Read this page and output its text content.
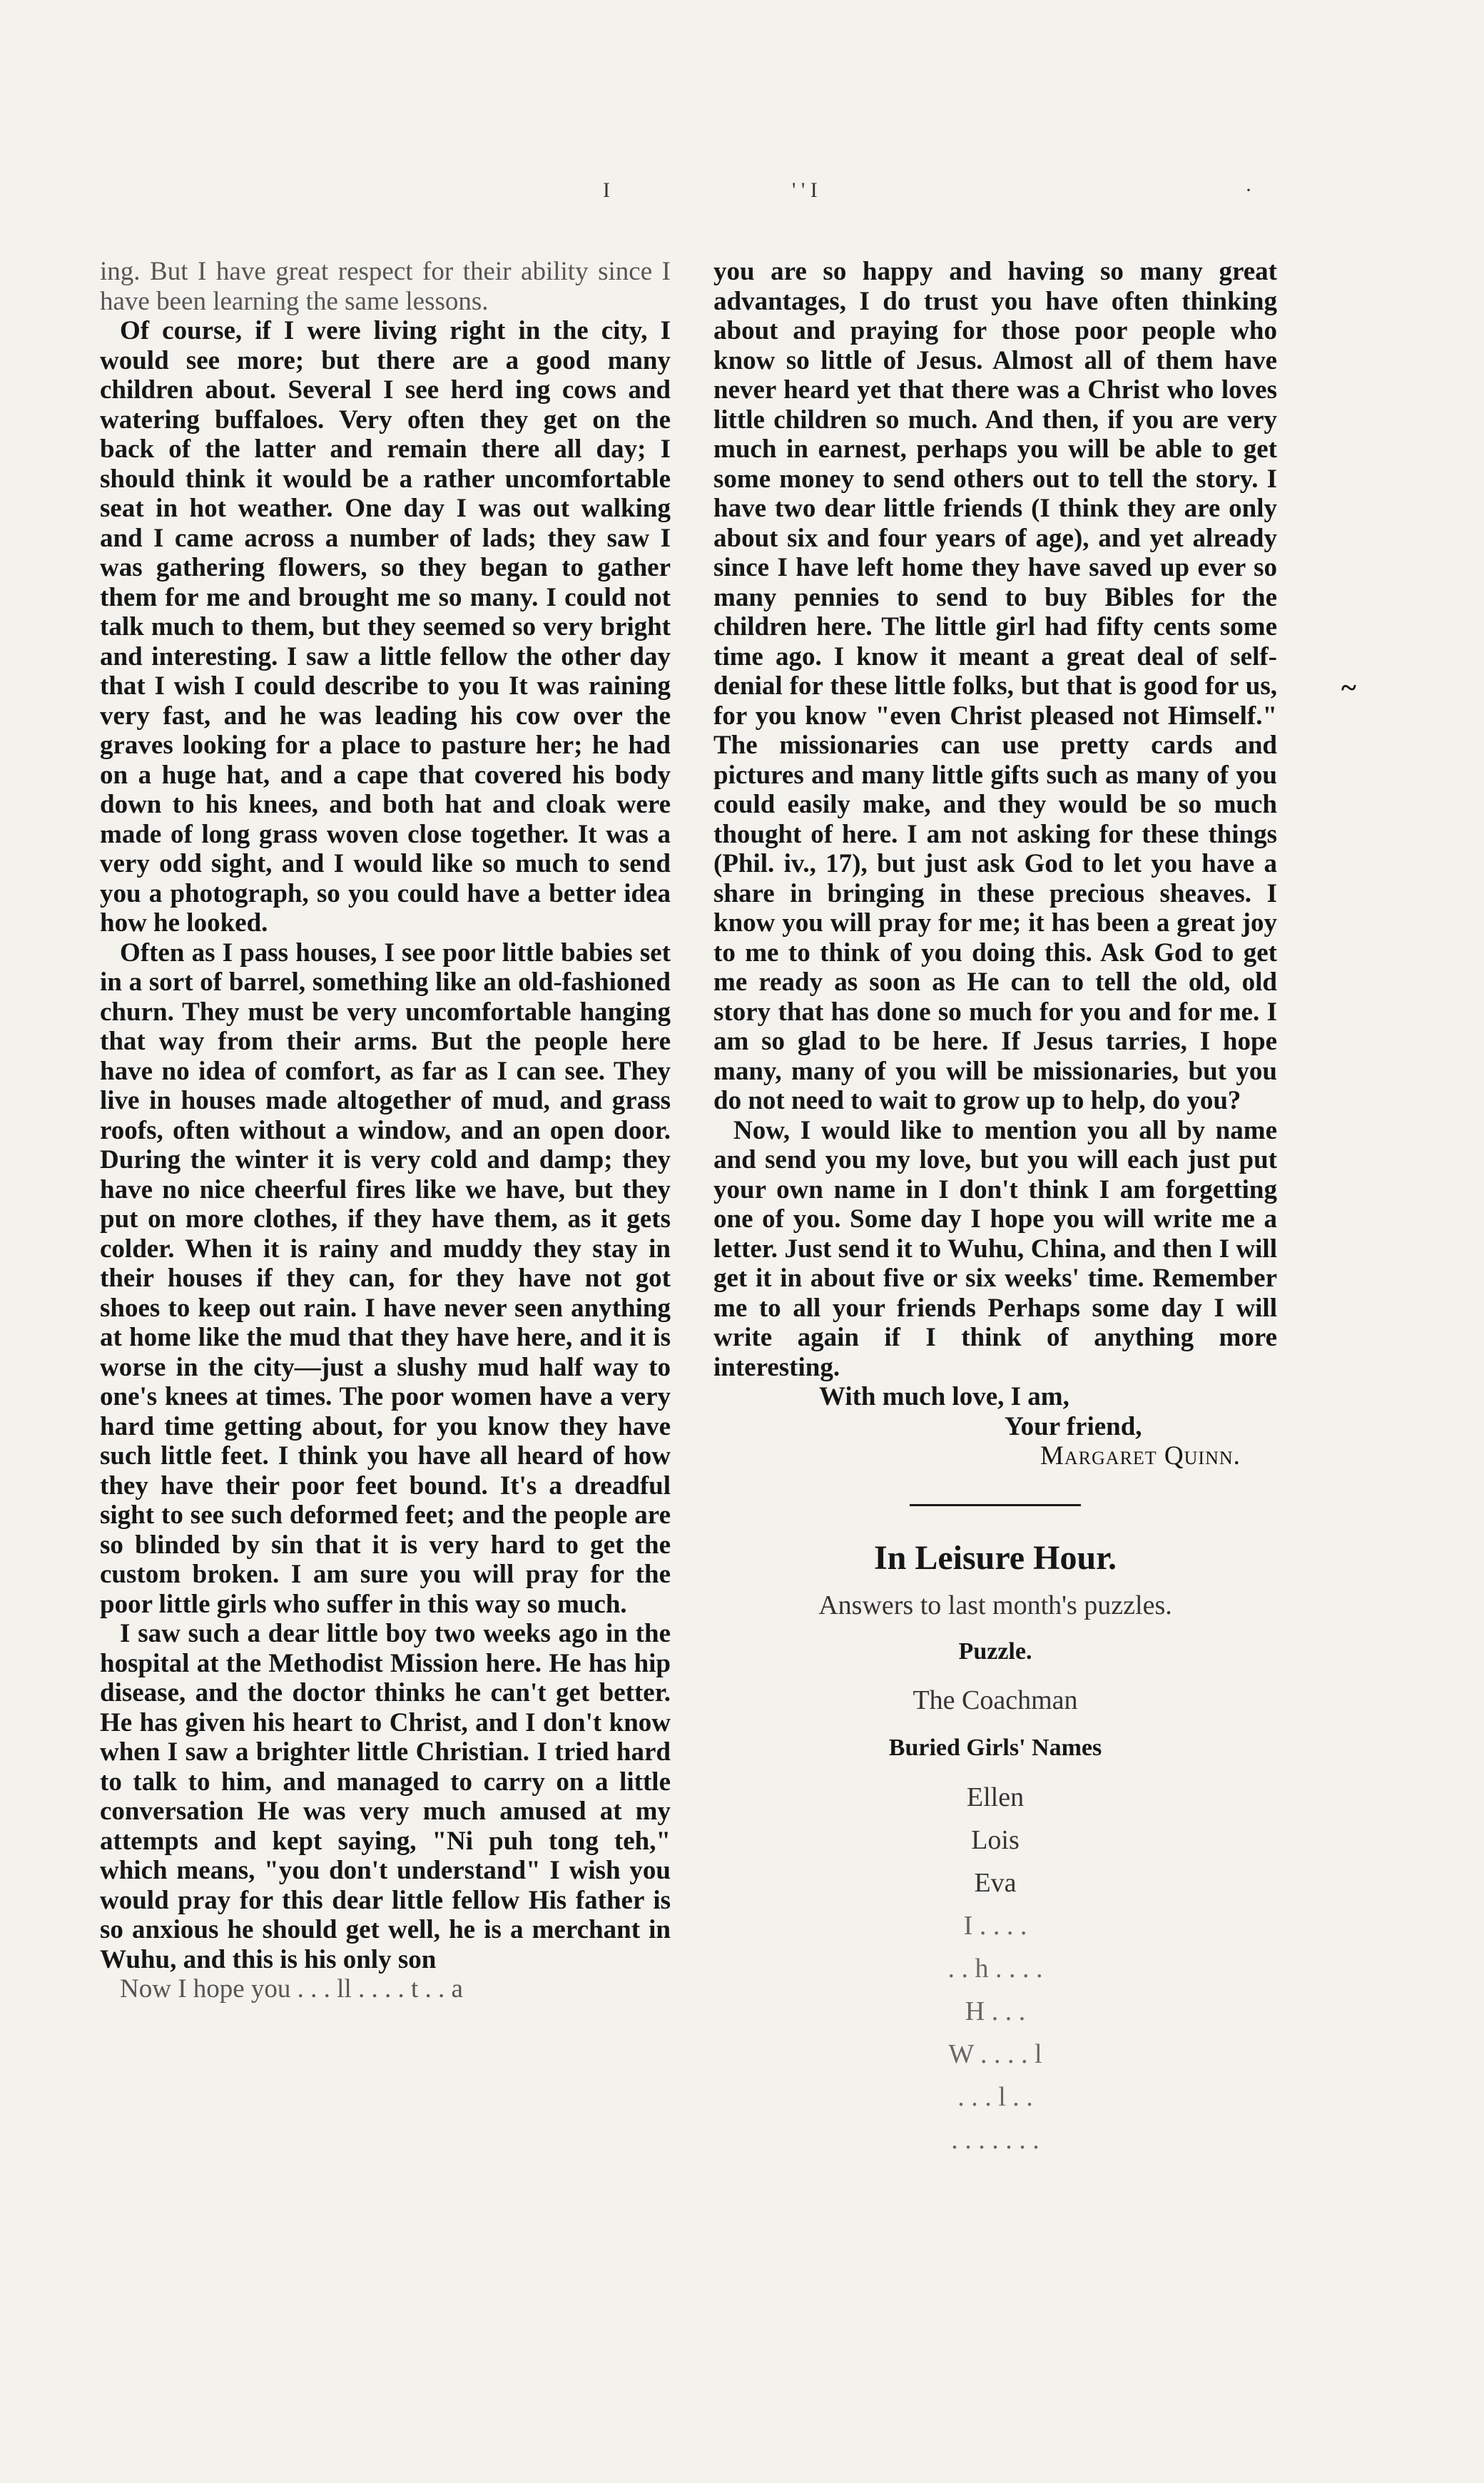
I	' ' I	·

ing. But I have great respect for their ability since I have been learning the same lessons.

Of course, if I were living right in the city, I would see more; but there are a good many children about. Several I see herd ing cows and watering buffaloes. Very often they get on the back of the latter and remain there all day; I should think it would be a rather uncomfortable seat in hot weather. One day I was out walking and I came across a number of lads; they saw I was gathering flowers, so they began to gather them for me and brought me so many. I could not talk much to them, but they seemed so very bright and interesting. I saw a little fellow the other day that I wish I could describe to you It was raining very fast, and he was leading his cow over the graves looking for a place to pasture her; he had on a huge hat, and a cape that covered his body down to his knees, and both hat and cloak were made of long grass woven close together. It was a very odd sight, and I would like so much to send you a photograph, so you could have a better idea how he looked.

Often as I pass houses, I see poor little babies set in a sort of barrel, something like an old-fashioned churn. They must be very uncomfortable hanging that way from their arms. But the people here have no idea of comfort, as far as I can see. They live in houses made altogether of mud, and grass roofs, often without a window, and an open door. During the winter it is very cold and damp; they have no nice cheerful fires like we have, but they put on more clothes, if they have them, as it gets colder. When it is rainy and muddy they stay in their houses if they can, for they have not got shoes to keep out rain. I have never seen anything at home like the mud that they have here, and it is worse in the city—just a slushy mud half way to one's knees at times. The poor women have a very hard time getting about, for you know they have such little feet. I think you have all heard of how they have their poor feet bound. It's a dreadful sight to see such deformed feet; and the people are so blinded by sin that it is very hard to get the custom broken. I am sure you will pray for the poor little girls who suffer in this way so much.

I saw such a dear little boy two weeks ago in the hospital at the Methodist Mission here. He has hip disease, and the doctor thinks he can't get better. He has given his heart to Christ, and I don't know when I saw a brighter little Christian. I tried hard to talk to him, and managed to carry on a little conversation He was very much amused at my attempts and kept saying, "Ni puh tong teh," which means, "you don't understand" I wish you would pray for this dear little fellow His father is so anxious he should get well, he is a merchant in Wuhu, and this is his only son

Now I hope you . . . ll . . . . t . . a

you are so happy and having so many great advantages, I do trust you have often thinking about and praying for those poor people who know so little of Jesus. Almost all of them have never heard yet that there was a Christ who loves little children so much. And then, if you are very much in earnest, perhaps you will be able to get some money to send others out to tell the story. I have two dear little friends (I think they are only about six and four years of age), and yet already since I have left home they have saved up ever so many pennies to send to buy Bibles for the children here. The little girl had fifty cents some time ago. I know it meant a great deal of self-denial for these little folks, but that is good for us, for you know "even Christ pleased not Himself." The missionaries can use pretty cards and pictures and many little gifts such as many of you could easily make, and they would be so much thought of here. I am not asking for these things (Phil. iv., 17), but just ask God to let you have a share in bringing in these precious sheaves. I know you will pray for me; it has been a great joy to me to think of you doing this. Ask God to get me ready as soon as He can to tell the old, old story that has done so much for you and for me. I am so glad to be here. If Jesus tarries, I hope many, many of you will be missionaries, but you do not need to wait to grow up to help, do you?

Now, I would like to mention you all by name and send you my love, but you will each just put your own name in I don't think I am forgetting one of you. Some day I hope you will write me a letter. Just send it to Wuhu, China, and then I will get it in about five or six weeks' time. Remember me to all your friends Perhaps some day I will write again if I think of anything more interesting.

With much love, I am,

Your friend,

Margaret Quinn.

In Leisure Hour.
Answers to last month's puzzles.
Puzzle.
The Coachman
Buried Girls' Names
Ellen
Lois
Eva
I . . . .
. . h . . . .
H . . .
W . . . . l
. . . l . .
. . . . . . .
~
